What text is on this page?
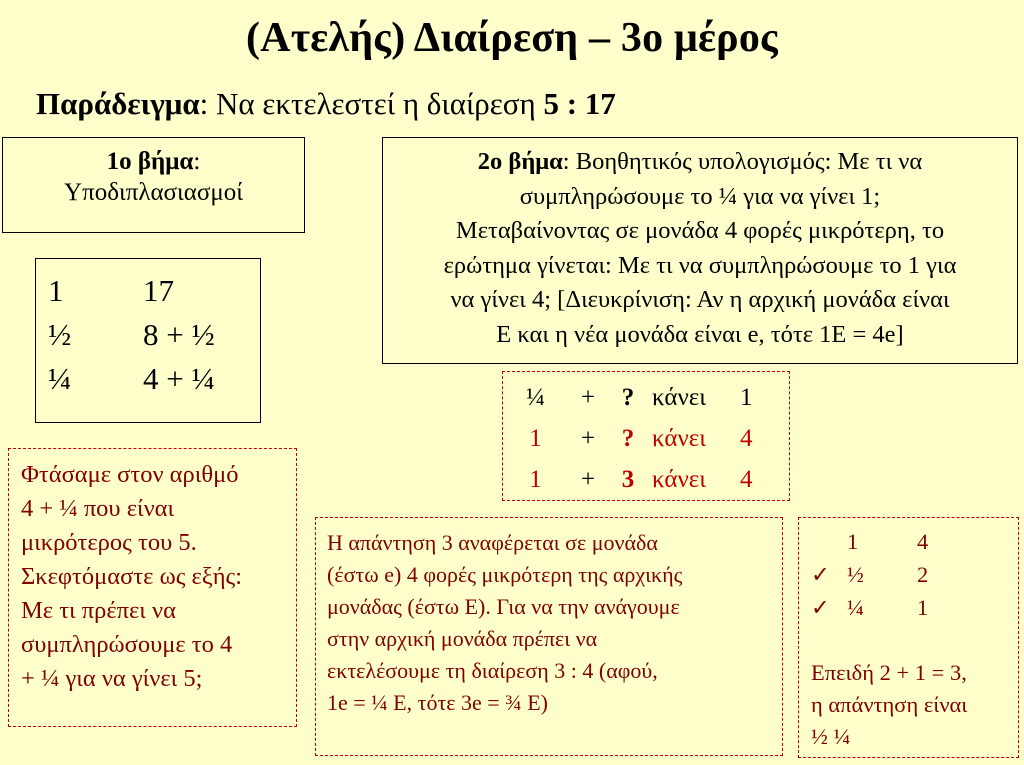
(Ατελής) Διαίρεση – 3ο μέρος
Παράδειγμα: Να εκτελεστεί η διαίρεση 5 : 17
1ο βήμα:
Υποδιπλασιασμοί
1	17
½ 8 + ½
¼ 4 + ¼

2ο βήμα: Βοηθητικός υπολογισμός: Με τι να

συμπληρώσουμε το ¼ για να γίνει 1;

Μεταβαίνοντας σε μονάδα 4 φορές μικρότερη, το

ερώτημα γίνεται: Με τι να συμπληρώσουμε το 1 για

να γίνει 4; [Διευκρίνιση: Αν η αρχική μονάδα είναι

Ε και η νέα μονάδα είναι e, τότε 1Ε = 4e]

¼ + ? κάνει 1
1 + ? κάνει 4
1 + 3 κάνει 4

Φτάσαμε στον αριθμό

4 + ¼ που είναι

μικρότερος του 5.

Σκεφτόμαστε ως εξής:

Με τι πρέπει να

συμπληρώσουμε το 4

+ ¼ για να γίνει 5;

Η απάντηση 3 αναφέρεται σε μονάδα

(έστω e) 4 φορές μικρότερη της αρχικής

μονάδας (έστω Ε). Για να την ανάγουμε

στην αρχική μονάδα πρέπει να

εκτελέσουμε τη διαίρεση 3 : 4 (αφού,

1e = ¼ Ε, τότε 3e = ¾ Ε)

1	4
✓ ½ 2
✓ ¼ 1

Επειδή 2 + 1 = 3,

η απάντηση είναι

½ ¼
